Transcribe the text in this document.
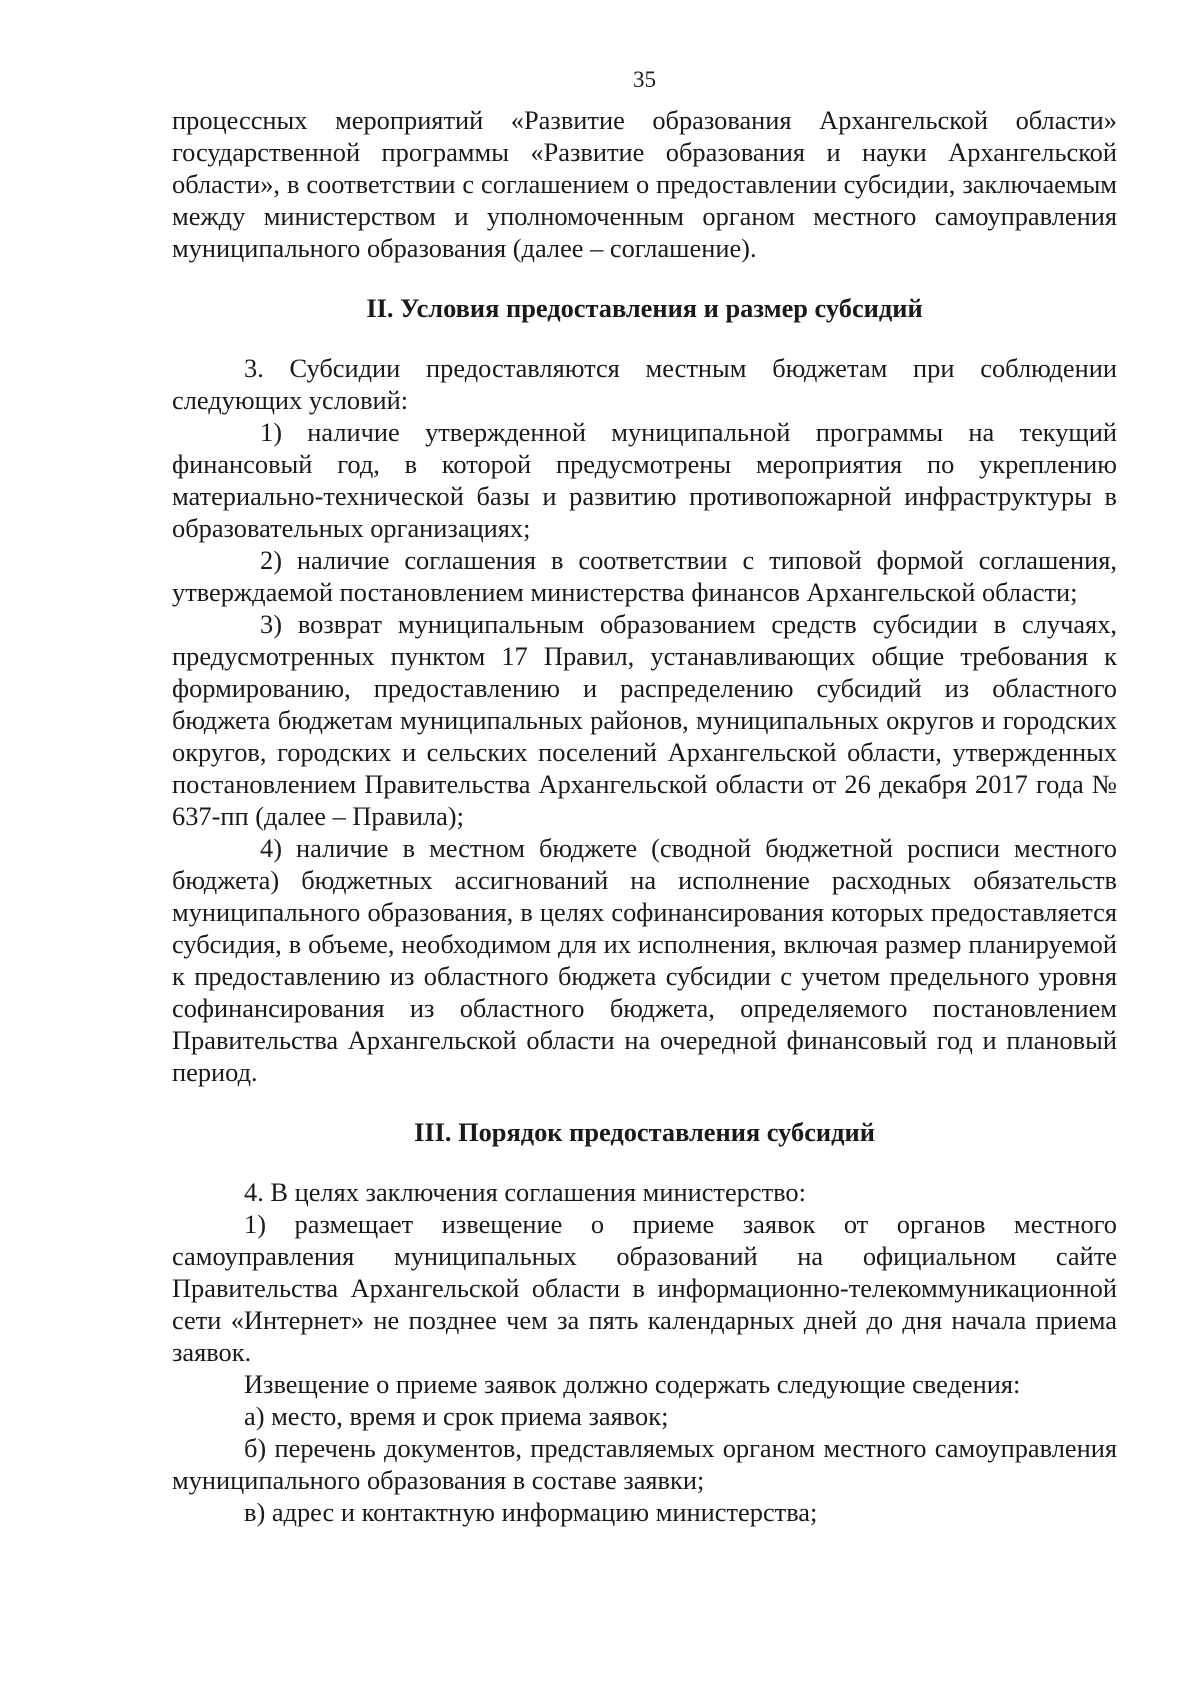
35

процессных мероприятий «Развитие образования Архангельской области» государственной программы «Развитие образования и науки Архангельской области», в соответствии с соглашением о предоставлении субсидии, заключаемым между министерством и уполномоченным органом местного самоуправления муниципального образования (далее – соглашение).

II. Условия предоставления и размер субсидий

3. Субсидии предоставляются местным бюджетам при соблюдении следующих условий:

1) наличие утвержденной муниципальной программы на текущий финансовый год, в которой предусмотрены мероприятия по укреплению материально-технической базы и развитию противопожарной инфраструктуры в образовательных организациях;

2) наличие соглашения в соответствии с типовой формой соглашения, утверждаемой постановлением министерства финансов Архангельской области;

3) возврат муниципальным образованием средств субсидии в случаях, предусмотренных пунктом 17 Правил, устанавливающих общие требования к формированию, предоставлению и распределению субсидий из областного бюджета бюджетам муниципальных районов, муниципальных округов и городских округов, городских и сельских поселений Архангельской области, утвержденных постановлением Правительства Архангельской области от 26 декабря 2017 года № 637-пп (далее – Правила);

4) наличие в местном бюджете (сводной бюджетной росписи местного бюджета) бюджетных ассигнований на исполнение расходных обязательств муниципального образования, в целях софинансирования которых предоставляется субсидия, в объеме, необходимом для их исполнения, включая размер планируемой к предоставлению из областного бюджета субсидии с учетом предельного уровня софинансирования из областного бюджета, определяемого постановлением Правительства Архангельской области на очередной финансовый год и плановый период.

III. Порядок предоставления субсидий

4. В целях заключения соглашения министерство:

1) размещает извещение о приеме заявок от органов местного самоуправления муниципальных образований на официальном сайте Правительства Архангельской области в информационно-телекоммуникационной сети «Интернет» не позднее чем за пять календарных дней до дня начала приема заявок.

Извещение о приеме заявок должно содержать следующие сведения:

а) место, время и срок приема заявок;

б) перечень документов, представляемых органом местного самоуправления муниципального образования в составе заявки;

в) адрес и контактную информацию министерства;
